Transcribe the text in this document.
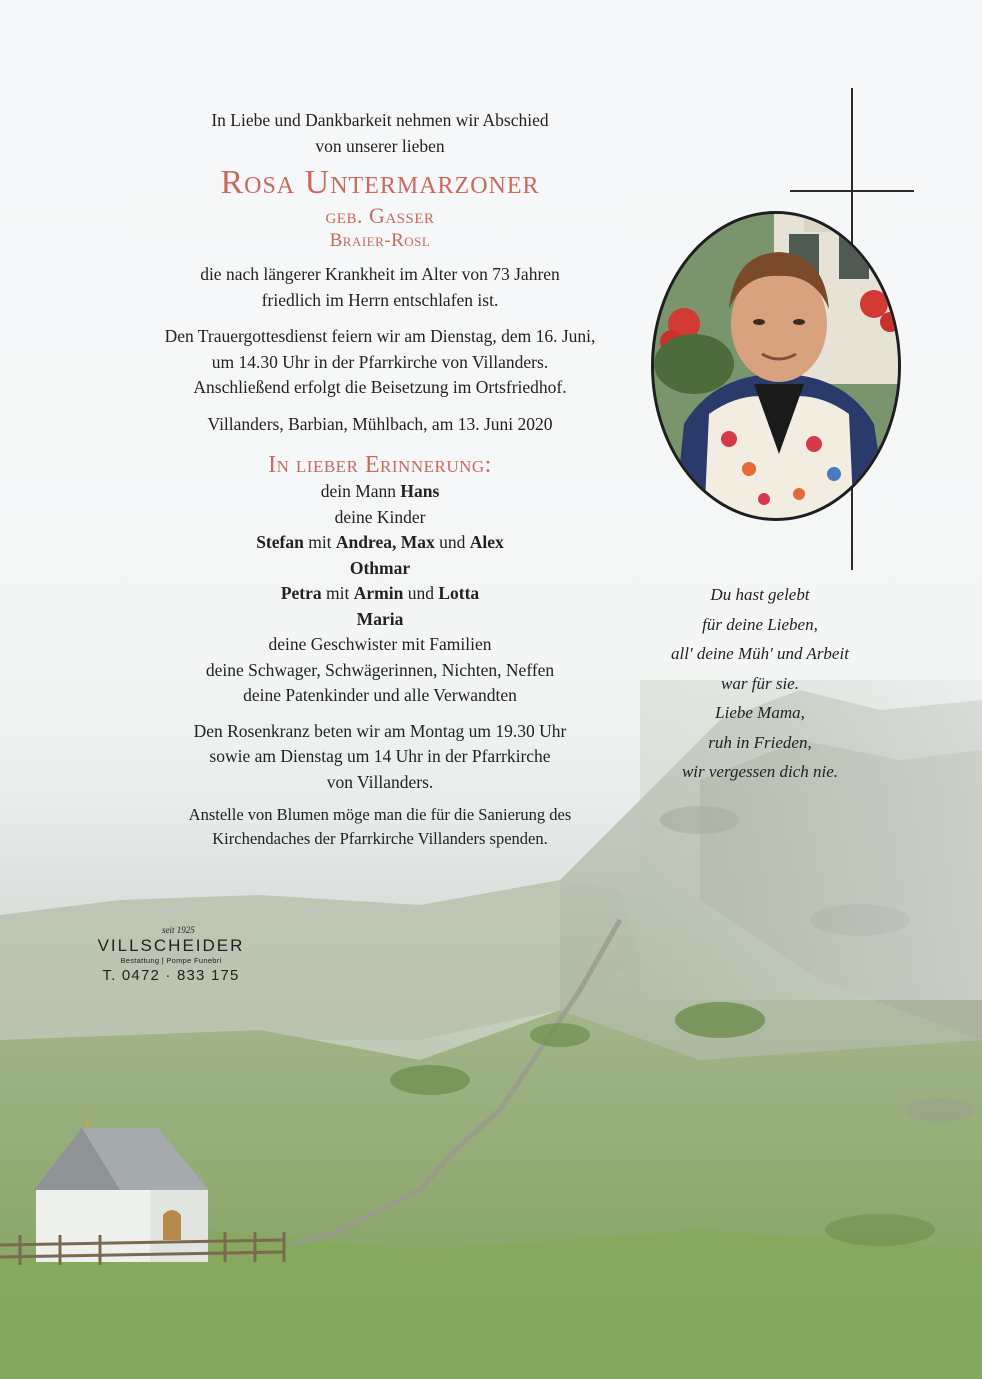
In Liebe und Dankbarkeit nehmen wir Abschied

von unserer lieben

Rosa Untermarzoner

geb. Gasser

Braier-Rosl

die nach längerer Krankheit im Alter von 73 Jahren

friedlich im Herrn entschlafen ist.

Den Trauergottesdienst feiern wir am Dienstag, dem 16. Juni,

um 14.30 Uhr in der Pfarrkirche von Villanders.

Anschließend erfolgt die Beisetzung im Ortsfriedhof.

Villanders, Barbian, Mühlbach, am 13. Juni 2020

In lieber Erinnerung:

dein Mann Hans

deine Kinder

Stefan mit Andrea, Max und Alex

Othmar

Petra mit Armin und Lotta

Maria

deine Geschwister mit Familien

deine Schwager, Schwägerinnen, Nichten, Neffen

deine Patenkinder und alle Verwandten

Den Rosenkranz beten wir am Montag um 19.30 Uhr

sowie am Dienstag um 14 Uhr in der Pfarrkirche

von Villanders.

Anstelle von Blumen möge man die für die Sanierung des

Kirchendaches der Pfarrkirche Villanders spenden.

Du hast gelebt

für deine Lieben,

all' deine Müh' und Arbeit

war für sie.

Liebe Mama,

ruh in Frieden,

wir vergessen dich nie.

seit 1925
VILLSCHEIDER
Bestattung | Pompe Funebri
T. 0472 · 833 175
